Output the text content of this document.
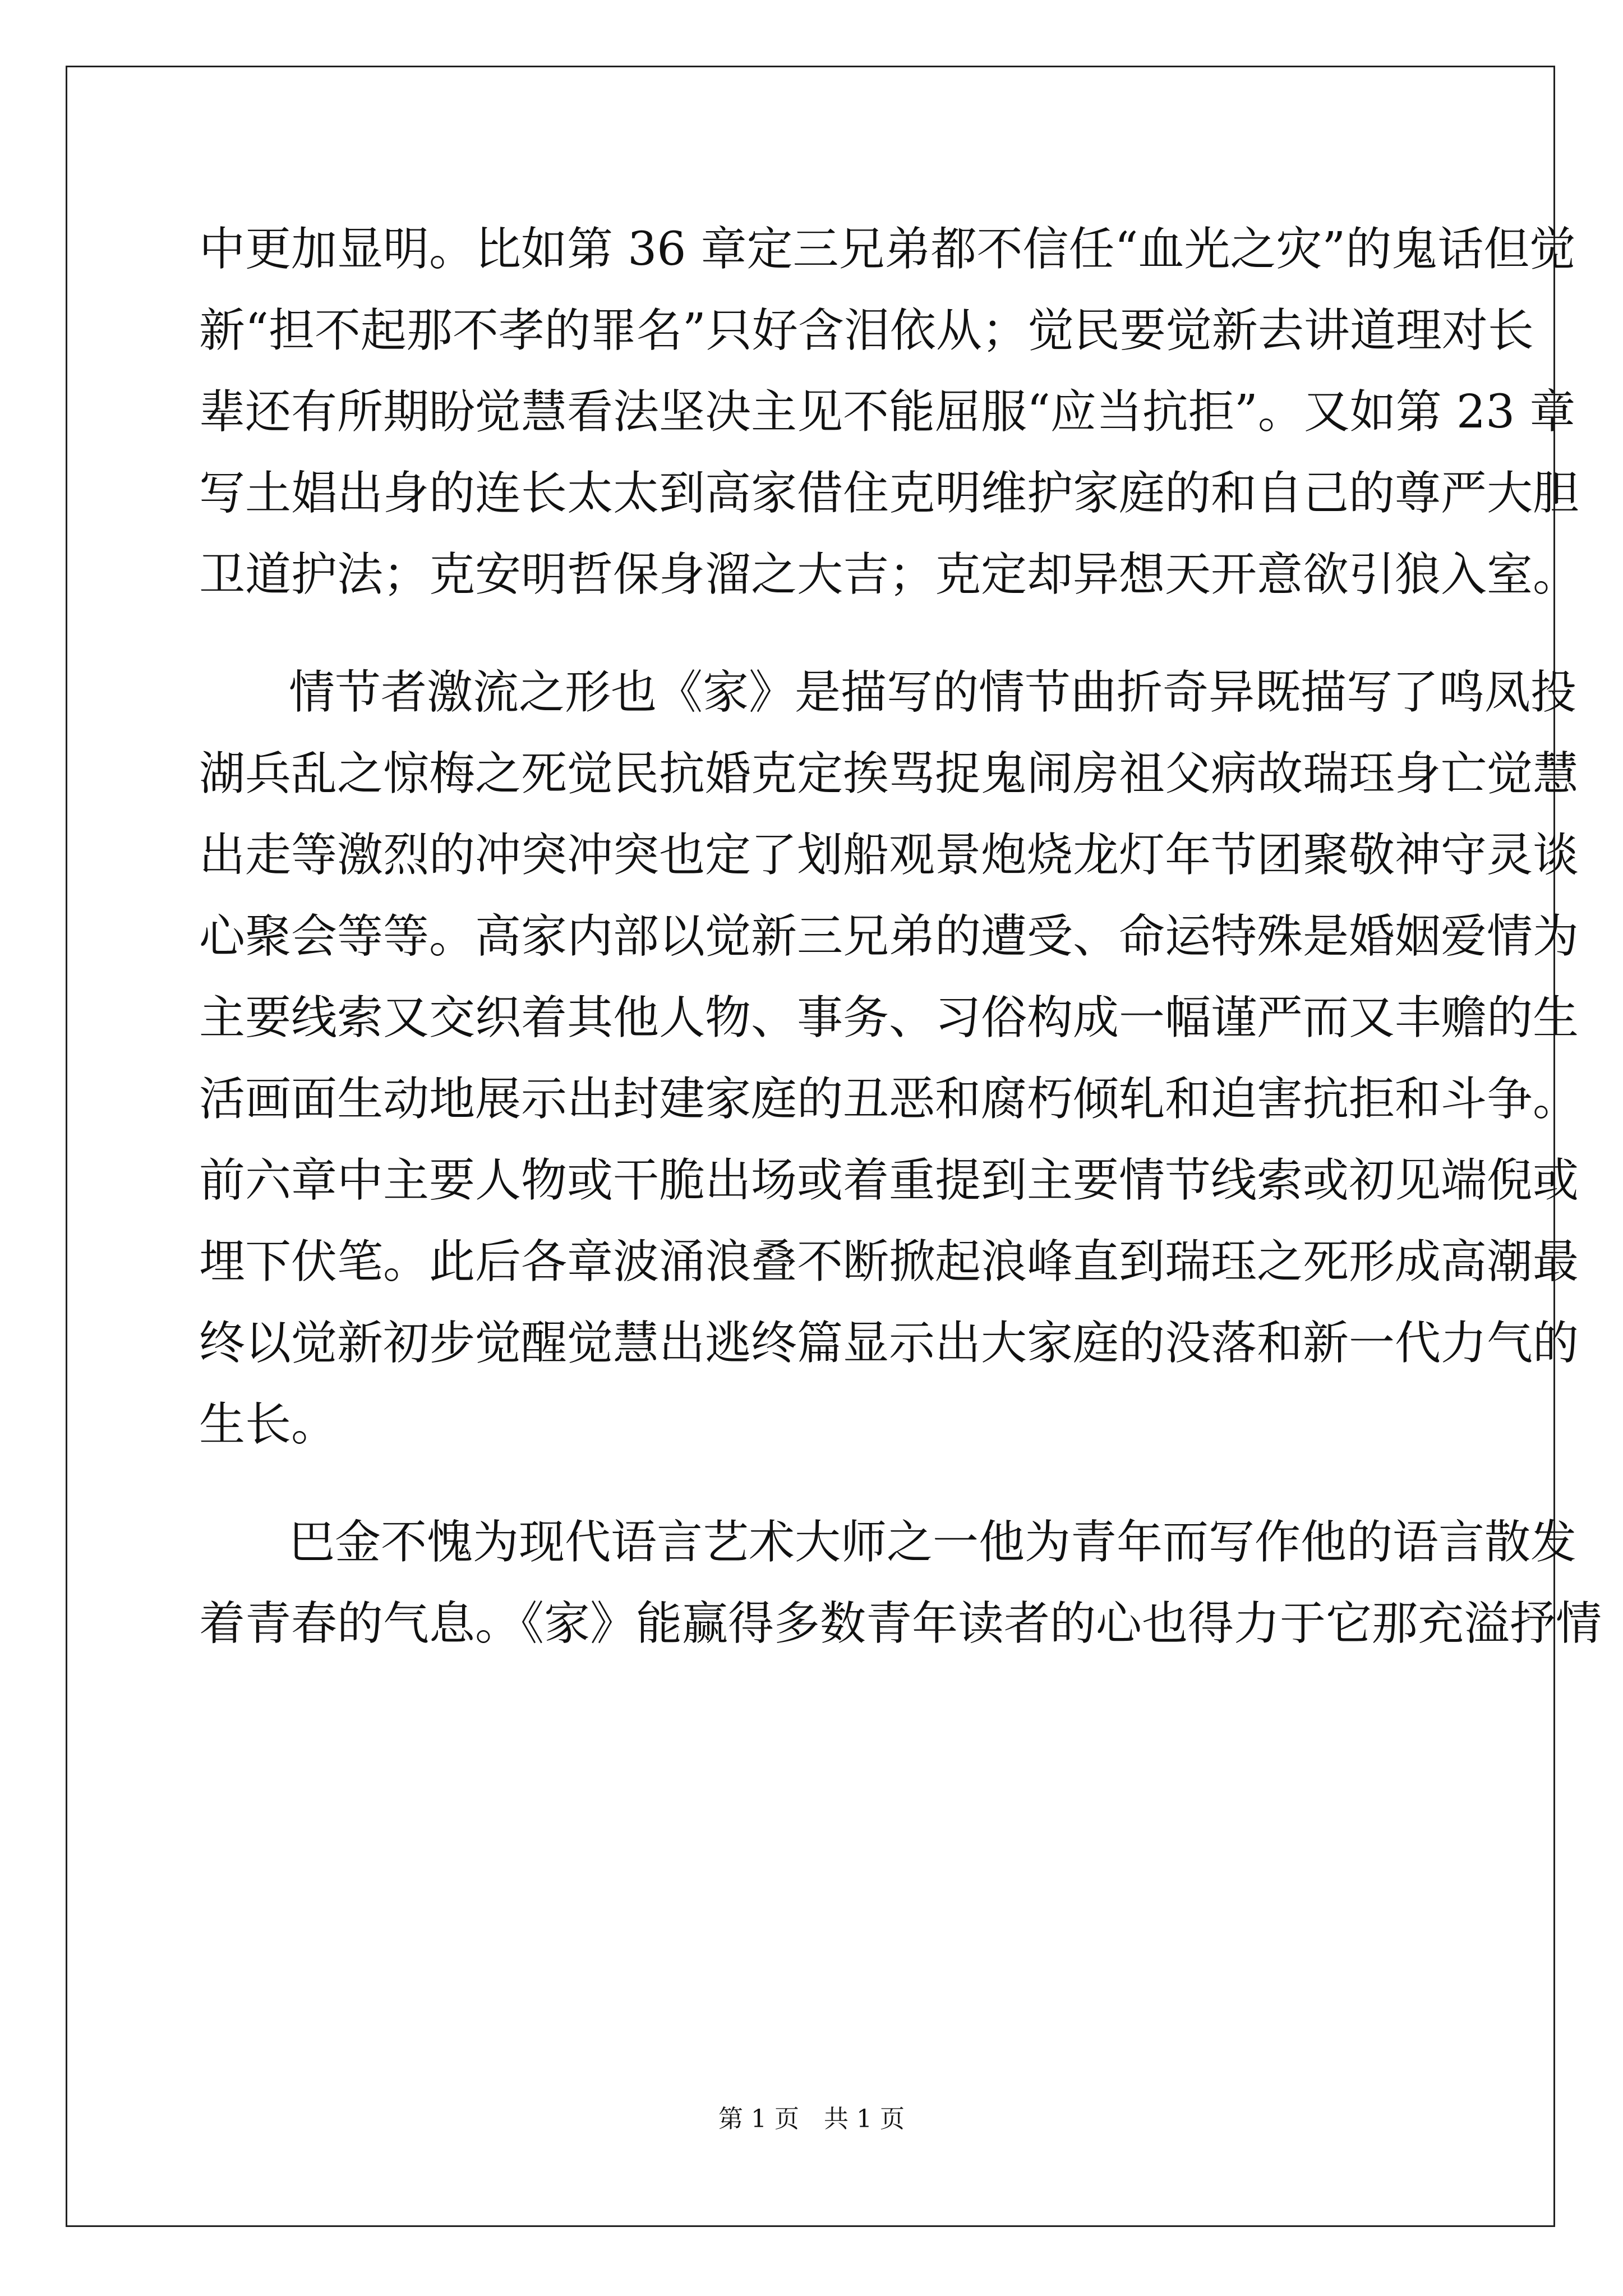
中更加显明。比如第 36 章定三兄弟都不信任“血光之灾”的鬼话但觉
新“担不起那不孝的罪名”只好含泪依从；觉民要觉新去讲道理对长
辈还有所期盼觉慧看法坚决主见不能屈服“应当抗拒”。又如第 23 章
写土娼出身的连长太太到高家借住克明维护家庭的和自己的尊严大胆
卫道护法；克安明哲保身溜之大吉；克定却异想天开意欲引狼入室。
情节者激流之形也《家》是描写的情节曲折奇异既描写了鸣凤投
湖兵乱之惊梅之死觉民抗婚克定挨骂捉鬼闹房祖父病故瑞珏身亡觉慧
出走等激烈的冲突冲突也定了划船观景炮烧龙灯年节团聚敬神守灵谈
心聚会等等。高家内部以觉新三兄弟的遭受、命运特殊是婚姻爱情为
主要线索又交织着其他人物、事务、习俗构成一幅谨严而又丰赡的生
活画面生动地展示出封建家庭的丑恶和腐朽倾轧和迫害抗拒和斗争。
前六章中主要人物或干脆出场或着重提到主要情节线索或初见端倪或
埋下伏笔。此后各章波涌浪叠不断掀起浪峰直到瑞珏之死形成高潮最
终以觉新初步觉醒觉慧出逃终篇显示出大家庭的没落和新一代力气的
生长。
巴金不愧为现代语言艺术大师之一他为青年而写作他的语言散发
着青春的气息。《家》能赢得多数青年读者的心也得力于它那充溢抒情
第 1 页 共 1 页
